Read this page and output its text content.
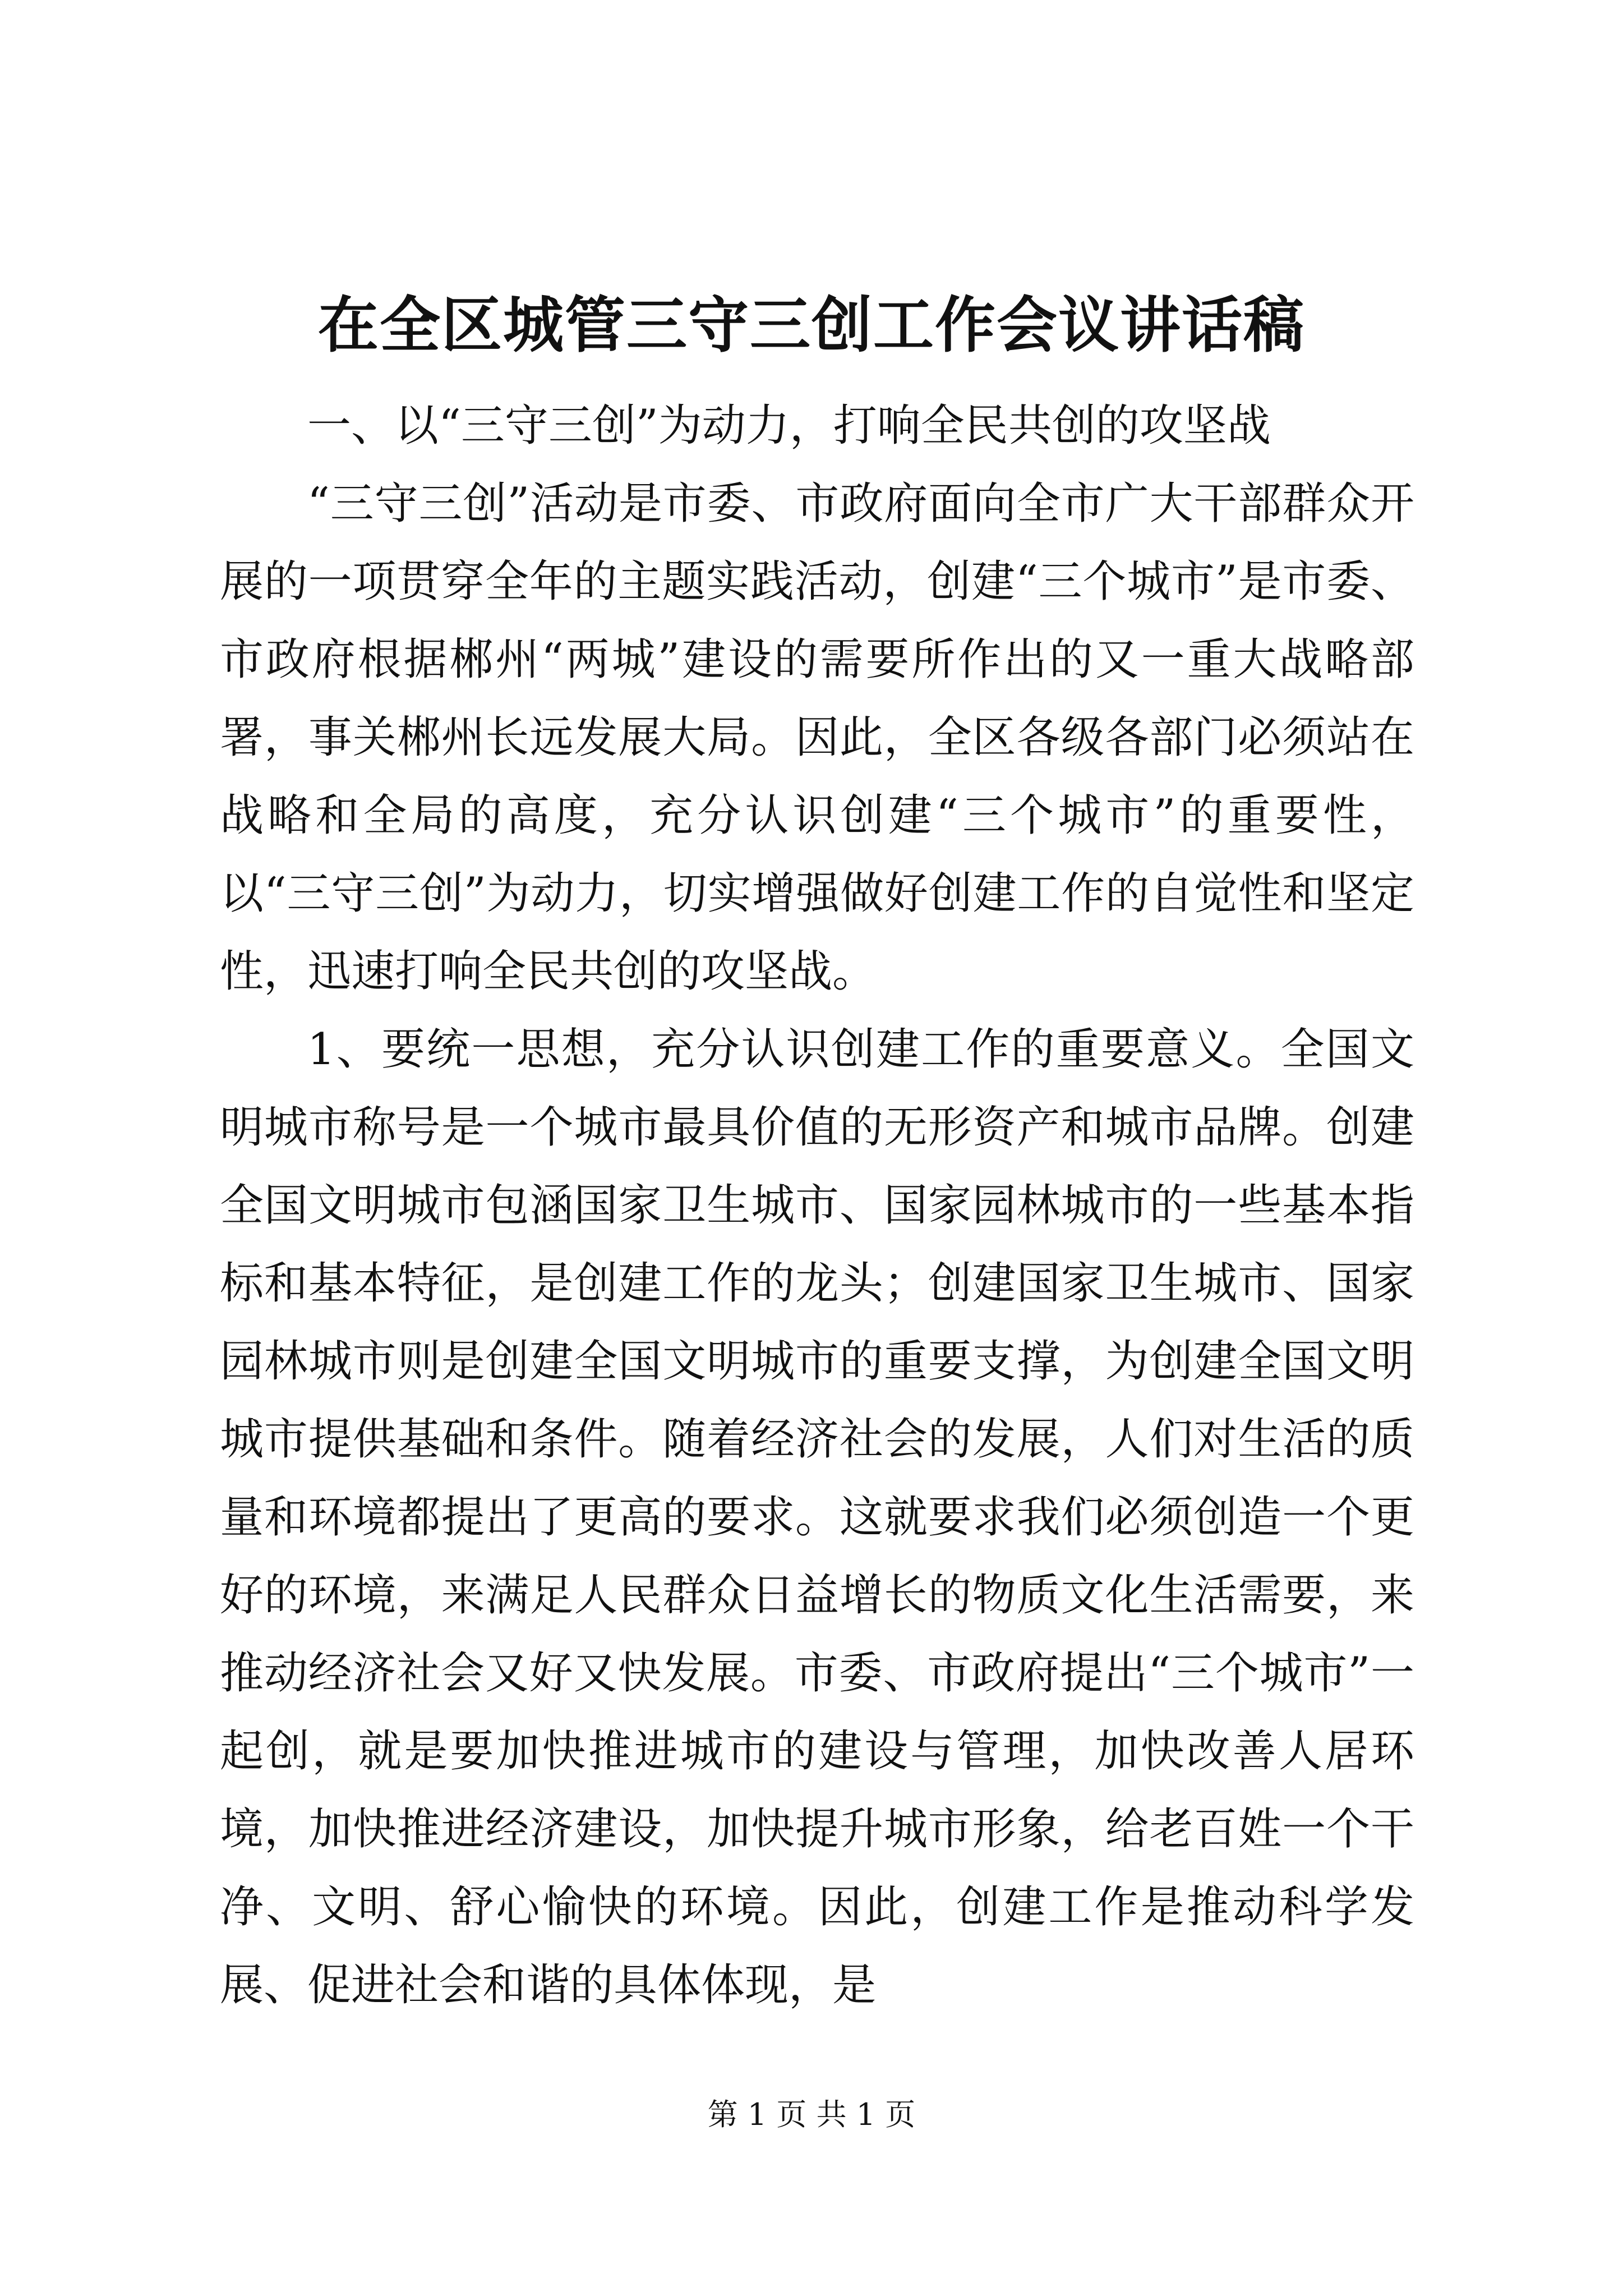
在全区城管三守三创工作会议讲话稿

一、以“三守三创”为动力，打响全民共创的攻坚战

“三守三创”活动是市委、市政府面向全市广大干部群众开展的一项贯穿全年的主题实践活动，创建“三个城市”是市委、市政府根据郴州“两城”建设的需要所作出的又一重大战略部署，事关郴州长远发展大局。因此，全区各级各部门必须站在战略和全局的高度，充分认识创建“三个城市”的重要性，以“三守三创”为动力，切实增强做好创建工作的自觉性和坚定性，迅速打响全民共创的攻坚战。

1、要统一思想，充分认识创建工作的重要意义。全国文明城市称号是一个城市最具价值的无形资产和城市品牌。创建全国文明城市包涵国家卫生城市、国家园林城市的一些基本指标和基本特征，是创建工作的龙头；创建国家卫生城市、国家园林城市则是创建全国文明城市的重要支撑，为创建全国文明城市提供基础和条件。随着经济社会的发展，人们对生活的质量和环境都提出了更高的要求。这就要求我们必须创造一个更好的环境，来满足人民群众日益增长的物质文化生活需要，来推动经济社会又好又快发展。市委、市政府提出“三个城市”一起创，就是要加快推进城市的建设与管理，加快改善人居环境，加快推进经济建设，加快提升城市形象，给老百姓一个干净、文明、舒心愉快的环境。因此，创建工作是推动科学发展、促进社会和谐的具体体现，是

第 1 页 共 1 页
